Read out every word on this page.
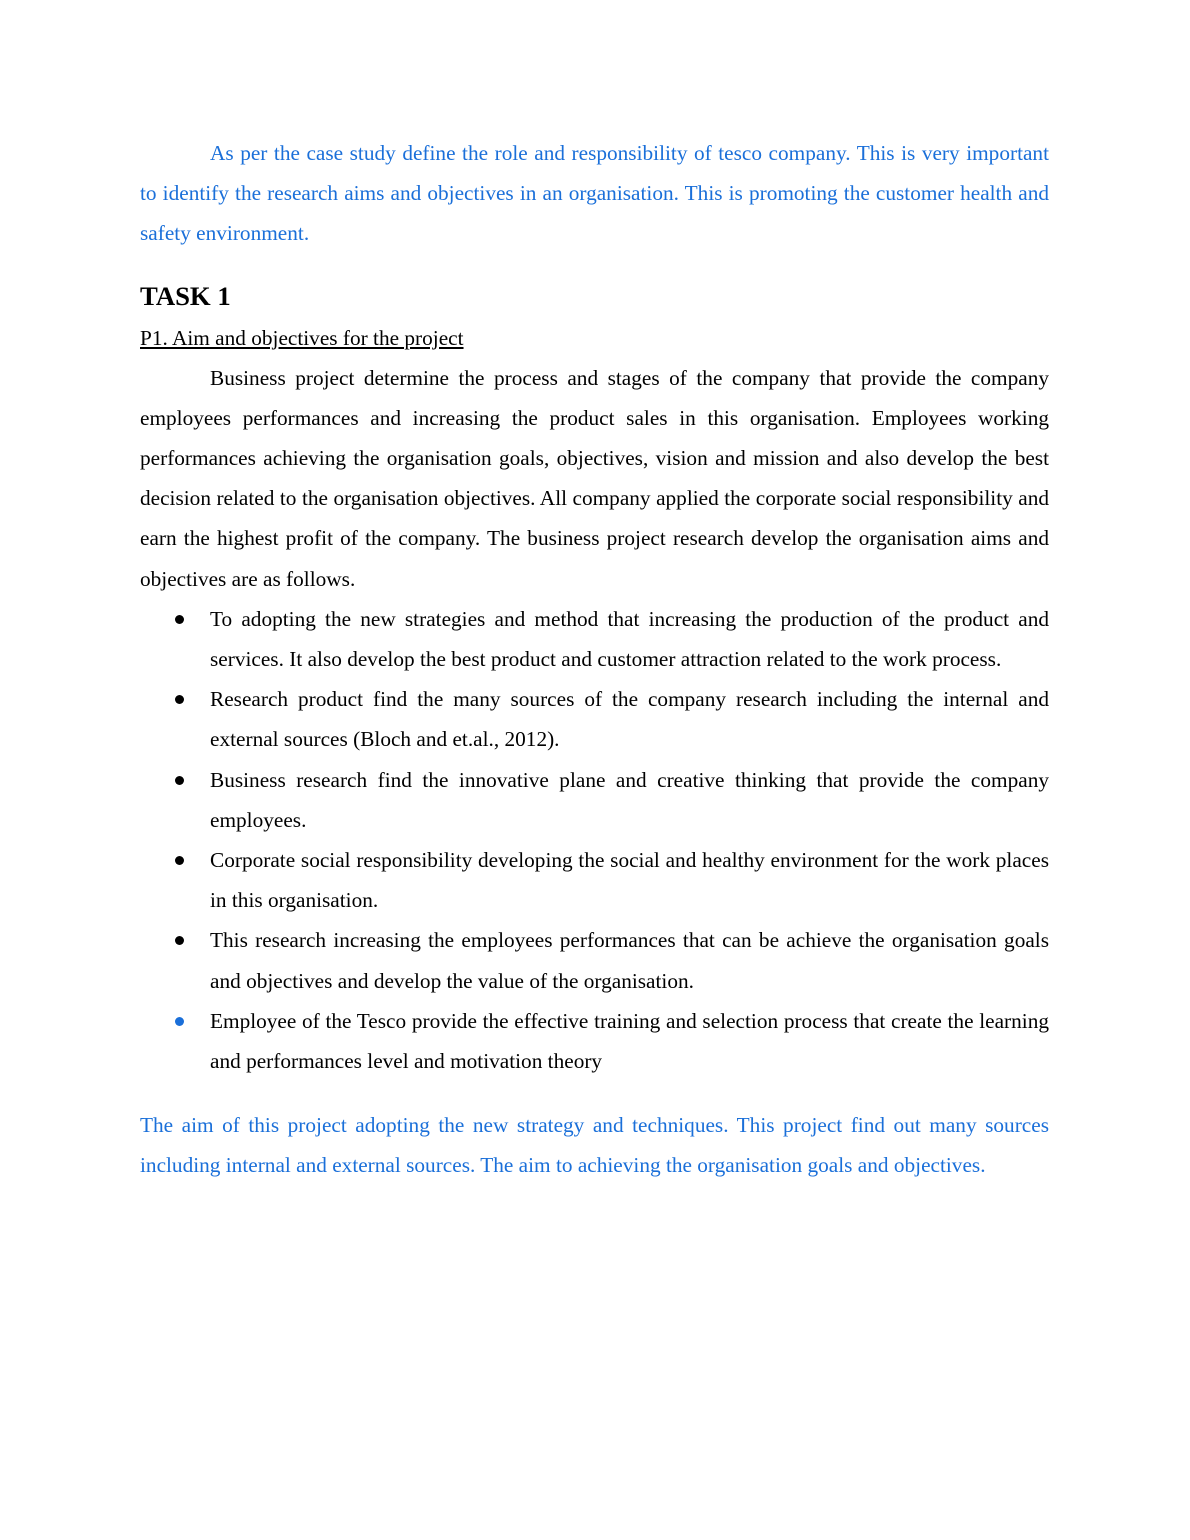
As per the case study define the role and responsibility of tesco company. This is very important to identify the research aims and objectives in an organisation. This is promoting the customer health and safety environment.

TASK 1

P1. Aim and objectives for the project

Business project determine the process and stages of the company that provide the company employees performances and increasing the product sales in this organisation. Employees working performances achieving the organisation goals, objectives, vision and mission and also develop the best decision related to the organisation objectives. All company applied the corporate social responsibility and earn the highest profit of the company. The business project research develop the organisation aims and objectives are as follows.

To adopting the new strategies and method that increasing the production of the product and services. It also develop the best product and customer attraction related to the work process.
Research product find the many sources of the company research including the internal and external sources (Bloch and et.al., 2012).
Business research find the innovative plane and creative thinking that provide the company employees.
Corporate social responsibility developing the social and healthy environment for the work places in this organisation.
This research increasing the employees performances that can be achieve the organisation goals and objectives and develop the value of the organisation.
Employee of the Tesco provide the effective training and selection process that create the learning and performances level and motivation theory

The aim of this project adopting the new strategy and techniques. This project find out many sources including internal and external sources. The aim to achieving the organisation goals and objectives.
